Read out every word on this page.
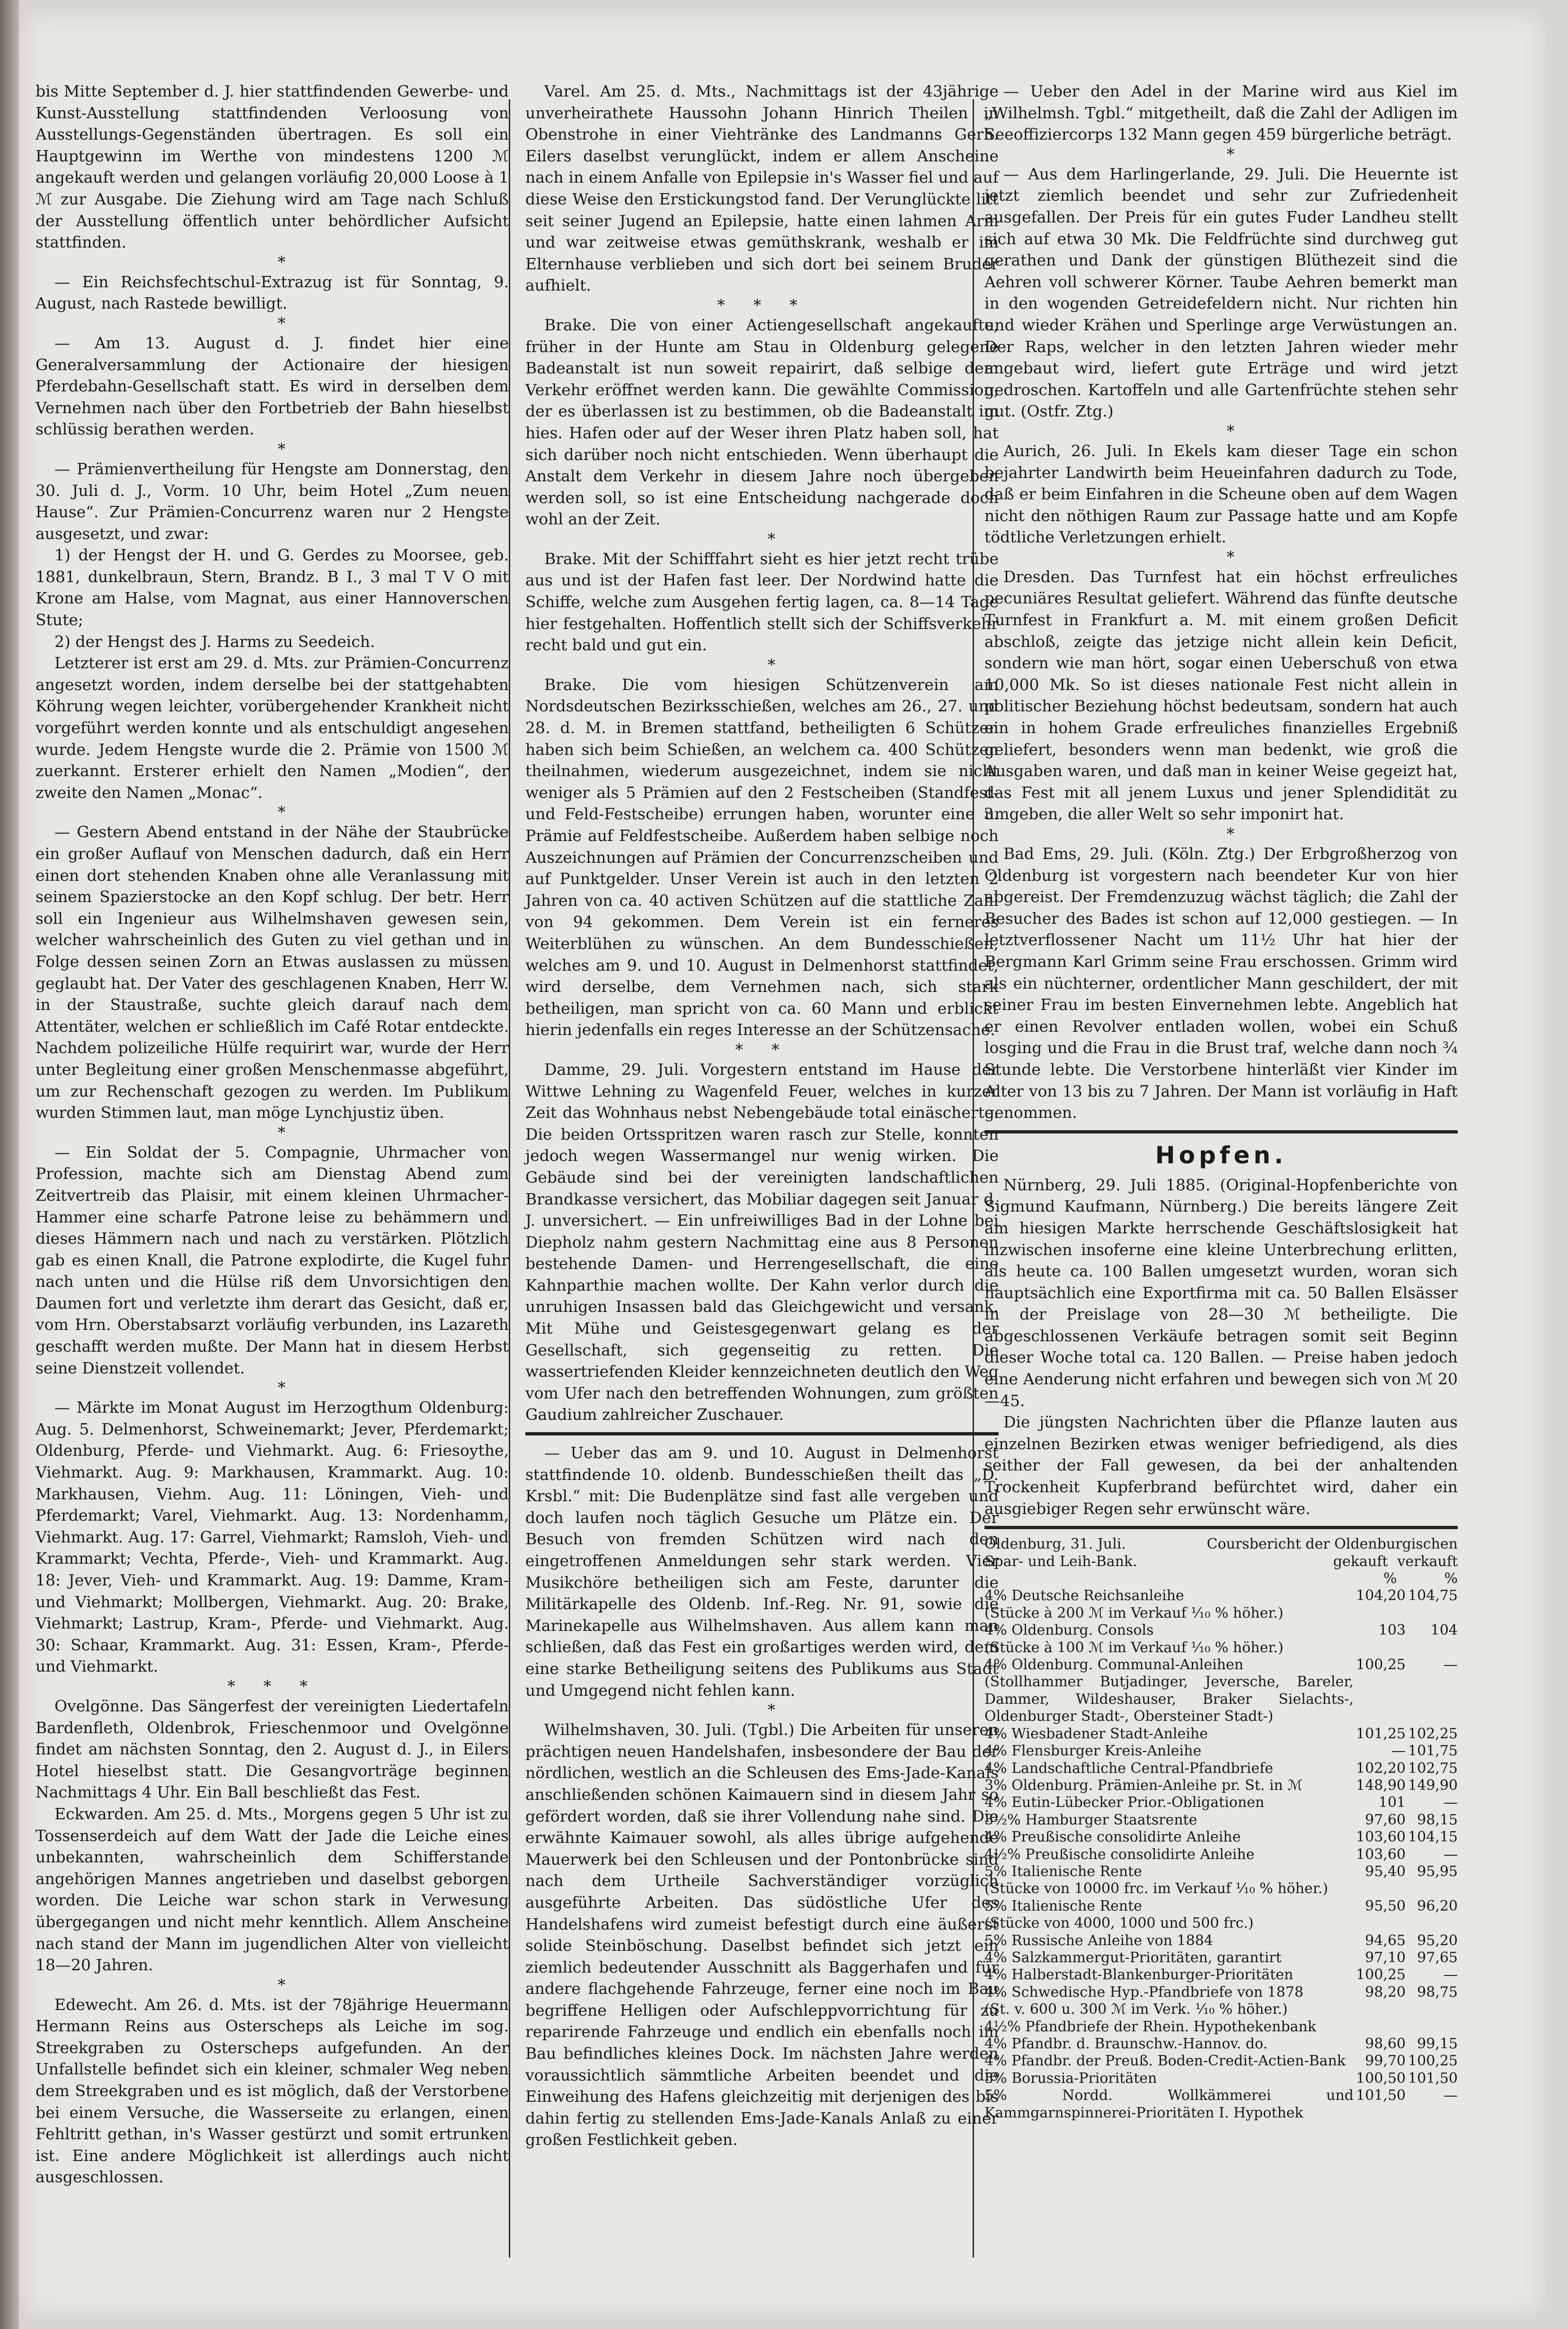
bis Mitte September d. J. hier stattfindenden Gewerbe- und Kunst-Ausstellung stattfindenden Verloosung von Ausstellungs-Gegenständen übertragen. Es soll ein Hauptgewinn im Werthe von mindestens 1200 ℳ angekauft werden und gelangen vorläufig 20,000 Loose à 1 ℳ zur Ausgabe. Die Ziehung wird am Tage nach Schluß der Ausstellung öffentlich unter behördlicher Aufsicht stattfinden.

*

— Ein Reichsfechtschul-Extrazug ist für Sonntag, 9. August, nach Rastede bewilligt.

*

— Am 13. August d. J. findet hier eine Generalversammlung der Actionaire der hiesigen Pferdebahn-Gesellschaft statt. Es wird in derselben dem Vernehmen nach über den Fortbetrieb der Bahn hieselbst schlüssig berathen werden.

*

— Prämienvertheilung für Hengste am Donnerstag, den 30. Juli d. J., Vorm. 10 Uhr, beim Hotel „Zum neuen Hause“. Zur Prämien-Concurrenz waren nur 2 Hengste ausgesetzt, und zwar:

1) der Hengst der H. und G. Gerdes zu Moorsee, geb. 1881, dunkelbraun, Stern, Brandz. B I., 3 mal T V O mit Krone am Halse, vom Magnat, aus einer Hannoverschen Stute;

2) der Hengst des J. Harms zu Seedeich.

Letzterer ist erst am 29. d. Mts. zur Prämien-Concurrenz angesetzt worden, indem derselbe bei der stattgehabten Köhrung wegen leichter, vorübergehender Krankheit nicht vorgeführt werden konnte und als entschuldigt angesehen wurde. Jedem Hengste wurde die 2. Prämie von 1500 ℳ zuerkannt. Ersterer erhielt den Namen „Modien“, der zweite den Namen „Monac“.

*

— Gestern Abend entstand in der Nähe der Staubrücke ein großer Auflauf von Menschen dadurch, daß ein Herr einen dort stehenden Knaben ohne alle Veranlassung mit seinem Spazierstocke an den Kopf schlug. Der betr. Herr soll ein Ingenieur aus Wilhelmshaven gewesen sein, welcher wahrscheinlich des Guten zu viel gethan und in Folge dessen seinen Zorn an Etwas auslassen zu müssen geglaubt hat. Der Vater des geschlagenen Knaben, Herr W. in der Staustraße, suchte gleich darauf nach dem Attentäter, welchen er schließlich im Café Rotar entdeckte. Nachdem polizeiliche Hülfe requirirt war, wurde der Herr unter Begleitung einer großen Menschenmasse abgeführt, um zur Rechenschaft gezogen zu werden. Im Publikum wurden Stimmen laut, man möge Lynchjustiz üben.

*

— Ein Soldat der 5. Compagnie, Uhrmacher von Profession, machte sich am Dienstag Abend zum Zeitvertreib das Plaisir, mit einem kleinen Uhrmacher-Hammer eine scharfe Patrone leise zu behämmern und dieses Hämmern nach und nach zu verstärken. Plötzlich gab es einen Knall, die Patrone explodirte, die Kugel fuhr nach unten und die Hülse riß dem Unvorsichtigen den Daumen fort und verletzte ihm derart das Gesicht, daß er, vom Hrn. Oberstabsarzt vorläufig verbunden, ins Lazareth geschafft werden mußte. Der Mann hat in diesem Herbst seine Dienstzeit vollendet.

*

— Märkte im Monat August im Herzogthum Oldenburg: Aug. 5. Delmenhorst, Schweinemarkt; Jever, Pferdemarkt; Oldenburg, Pferde- und Viehmarkt. Aug. 6: Friesoythe, Viehmarkt. Aug. 9: Markhausen, Krammarkt. Aug. 10: Markhausen, Viehm. Aug. 11: Löningen, Vieh- und Pferdemarkt; Varel, Viehmarkt. Aug. 13: Nordenhamm, Viehmarkt. Aug. 17: Garrel, Viehmarkt; Ramsloh, Vieh- und Krammarkt; Vechta, Pferde-, Vieh- und Krammarkt. Aug. 18: Jever, Vieh- und Krammarkt. Aug. 19: Damme, Kram- und Viehmarkt; Mollbergen, Viehmarkt. Aug. 20: Brake, Viehmarkt; Lastrup, Kram-, Pferde- und Viehmarkt. Aug. 30: Schaar, Krammarkt. Aug. 31: Essen, Kram-, Pferde- und Viehmarkt.

***

Ovelgönne. Das Sängerfest der vereinigten Liedertafeln Bardenfleth, Oldenbrok, Frieschenmoor und Ovelgönne findet am nächsten Sonntag, den 2. August d. J., in Eilers Hotel hieselbst statt. Die Gesangvorträge beginnen Nachmittags 4 Uhr. Ein Ball beschließt das Fest.

Eckwarden. Am 25. d. Mts., Morgens gegen 5 Uhr ist zu Tossenserdeich auf dem Watt der Jade die Leiche eines unbekannten, wahrscheinlich dem Schifferstande angehörigen Mannes angetrieben und daselbst geborgen worden. Die Leiche war schon stark in Verwesung übergegangen und nicht mehr kenntlich. Allem Anscheine nach stand der Mann im jugendlichen Alter von vielleicht 18—20 Jahren.

*

Edewecht. Am 26. d. Mts. ist der 78jährige Heuermann Hermann Reins aus Osterscheps als Leiche im sog. Streekgraben zu Osterscheps aufgefunden. An der Unfallstelle befindet sich ein kleiner, schmaler Weg neben dem Streekgraben und es ist möglich, daß der Verstorbene bei einem Versuche, die Wasserseite zu erlangen, einen Fehltritt gethan, in's Wasser gestürzt und somit ertrunken ist. Eine andere Möglichkeit ist allerdings auch nicht ausgeschlossen.

Varel. Am 25. d. Mts., Nachmittags ist der 43jährige unverheirathete Haussohn Johann Hinrich Theilen in Obenstrohe in einer Viehtränke des Landmanns Gerh. Eilers daselbst verunglückt, indem er allem Anscheine nach in einem Anfalle von Epilepsie in's Wasser fiel und auf diese Weise den Erstickungstod fand. Der Verunglückte litt seit seiner Jugend an Epilepsie, hatte einen lahmen Arm und war zeitweise etwas gemüthskrank, weshalb er im Elternhause verblieben und sich dort bei seinem Bruder aufhielt.

***

Brake. Die von einer Actiengesellschaft angekaufte, früher in der Hunte am Stau in Oldenburg gelegene Badeanstalt ist nun soweit repairirt, daß selbige dem Verkehr eröffnet werden kann. Die gewählte Commission, der es überlassen ist zu bestimmen, ob die Badeanstalt im hies. Hafen oder auf der Weser ihren Platz haben soll, hat sich darüber noch nicht entschieden. Wenn überhaupt die Anstalt dem Verkehr in diesem Jahre noch übergeben werden soll, so ist eine Entscheidung nachgerade doch wohl an der Zeit.

*

Brake. Mit der Schifffahrt sieht es hier jetzt recht trübe aus und ist der Hafen fast leer. Der Nordwind hatte die Schiffe, welche zum Ausgehen fertig lagen, ca. 8—14 Tage hier festgehalten. Hoffentlich stellt sich der Schiffsverkehr recht bald und gut ein.

*

Brake. Die vom hiesigen Schützenverein am Nordsdeutschen Bezirksschießen, welches am 26., 27. und 28. d. M. in Bremen stattfand, betheiligten 6 Schützen haben sich beim Schießen, an welchem ca. 400 Schützen theilnahmen, wiederum ausgezeichnet, indem sie nicht weniger als 5 Prämien auf den 2 Festscheiben (Standfest- und Feld-Festscheibe) errungen haben, worunter eine 3. Prämie auf Feldfestscheibe. Außerdem haben selbige noch Auszeichnungen auf Prämien der Concurrenzscheiben und auf Punktgelder. Unser Verein ist auch in den letzten 2 Jahren von ca. 40 activen Schützen auf die stattliche Zahl von 94 gekommen. Dem Verein ist ein ferneres Weiterblühen zu wünschen. An dem Bundesschießen, welches am 9. und 10. August in Delmenhorst stattfindet, wird derselbe, dem Vernehmen nach, sich stark betheiligen, man spricht von ca. 60 Mann und erblickt hierin jedenfalls ein reges Interesse an der Schützensache.

**

Damme, 29. Juli. Vorgestern entstand im Hause der Wittwe Lehning zu Wagenfeld Feuer, welches in kurzer Zeit das Wohnhaus nebst Nebengebäude total einäscherte. Die beiden Ortsspritzen waren rasch zur Stelle, konnten jedoch wegen Wassermangel nur wenig wirken. Die Gebäude sind bei der vereinigten landschaftlichen Brandkasse versichert, das Mobiliar dagegen seit Januar d. J. unversichert. — Ein unfreiwilliges Bad in der Lohne bei Diepholz nahm gestern Nachmittag eine aus 8 Personen bestehende Damen- und Herrengesellschaft, die eine Kahnparthie machen wollte. Der Kahn verlor durch die unruhigen Insassen bald das Gleichgewicht und versank. Mit Mühe und Geistesgegenwart gelang es der Gesellschaft, sich gegenseitig zu retten. Die wassertriefenden Kleider kennzeichneten deutlich den Weg vom Ufer nach den betreffenden Wohnungen, zum größten Gaudium zahlreicher Zuschauer.

— Ueber das am 9. und 10. August in Delmenhorst stattfindende 10. oldenb. Bundesschießen theilt das „D. Krsbl.“ mit: Die Budenplätze sind fast alle vergeben und doch laufen noch täglich Gesuche um Plätze ein. Der Besuch von fremden Schützen wird nach den eingetroffenen Anmeldungen sehr stark werden. Vier Musikchöre betheiligen sich am Feste, darunter die Militärkapelle des Oldenb. Inf.-Reg. Nr. 91, sowie die Marinekapelle aus Wilhelmshaven. Aus allem kann man schließen, daß das Fest ein großartiges werden wird, dem eine starke Betheiligung seitens des Publikums aus Stadt und Umgegend nicht fehlen kann.

*

Wilhelmshaven, 30. Juli. (Tgbl.) Die Arbeiten für unseren prächtigen neuen Handelshafen, insbesondere der Bau der nördlichen, westlich an die Schleusen des Ems-Jade-Kanals anschließenden schönen Kaimauern sind in diesem Jahr so gefördert worden, daß sie ihrer Vollendung nahe sind. Die erwähnte Kaimauer sowohl, als alles übrige aufgehende Mauerwerk bei den Schleusen und der Pontonbrücke sind nach dem Urtheile Sachverständiger vorzüglich ausgeführte Arbeiten. Das südöstliche Ufer des Handelshafens wird zumeist befestigt durch eine äußerst solide Steinböschung. Daselbst befindet sich jetzt ein ziemlich bedeutender Ausschnitt als Baggerhafen und für andere flachgehende Fahrzeuge, ferner eine noch im Bau begriffene Helligen oder Aufschleppvorrichtung für zu reparirende Fahrzeuge und endlich ein ebenfalls noch im Bau befindliches kleines Dock. Im nächsten Jahre werden voraussichtlich sämmtliche Arbeiten beendet und die Einweihung des Hafens gleichzeitig mit derjenigen des bis dahin fertig zu stellenden Ems-Jade-Kanals Anlaß zu einer großen Festlichkeit geben.

— Ueber den Adel in der Marine wird aus Kiel im „Wilhelmsh. Tgbl.“ mitgetheilt, daß die Zahl der Adligen im Seeoffiziercorps 132 Mann gegen 459 bürgerliche beträgt.

*

— Aus dem Harlingerlande, 29. Juli. Die Heuernte ist jetzt ziemlich beendet und sehr zur Zufriedenheit ausgefallen. Der Preis für ein gutes Fuder Landheu stellt sich auf etwa 30 Mk. Die Feldfrüchte sind durchweg gut gerathen und Dank der günstigen Blüthezeit sind die Aehren voll schwerer Körner. Taube Aehren bemerkt man in den wogenden Getreidefeldern nicht. Nur richten hin und wieder Krähen und Sperlinge arge Verwüstungen an. Der Raps, welcher in den letzten Jahren wieder mehr angebaut wird, liefert gute Erträge und wird jetzt gedroschen. Kartoffeln und alle Gartenfrüchte stehen sehr gut. (Ostfr. Ztg.)

*

Aurich, 26. Juli. In Ekels kam dieser Tage ein schon bejahrter Landwirth beim Heueinfahren dadurch zu Tode, daß er beim Einfahren in die Scheune oben auf dem Wagen nicht den nöthigen Raum zur Passage hatte und am Kopfe tödtliche Verletzungen erhielt.

*

Dresden. Das Turnfest hat ein höchst erfreuliches pecuniäres Resultat geliefert. Während das fünfte deutsche Turnfest in Frankfurt a. M. mit einem großen Deficit abschloß, zeigte das jetzige nicht allein kein Deficit, sondern wie man hört, sogar einen Ueberschuß von etwa 10,000 Mk. So ist dieses nationale Fest nicht allein in politischer Beziehung höchst bedeutsam, sondern hat auch ein in hohem Grade erfreuliches finanzielles Ergebniß geliefert, besonders wenn man bedenkt, wie groß die Ausgaben waren, und daß man in keiner Weise gegeizt hat, das Fest mit all jenem Luxus und jener Splendidität zu umgeben, die aller Welt so sehr imponirt hat.

*

Bad Ems, 29. Juli. (Köln. Ztg.) Der Erbgroßherzog von Oldenburg ist vorgestern nach beendeter Kur von hier abgereist. Der Fremdenzuzug wächst täglich; die Zahl der Besucher des Bades ist schon auf 12,000 gestiegen. — In letztverflossener Nacht um 11½ Uhr hat hier der Bergmann Karl Grimm seine Frau erschossen. Grimm wird als ein nüchterner, ordentlicher Mann geschildert, der mit seiner Frau im besten Einvernehmen lebte. Angeblich hat er einen Revolver entladen wollen, wobei ein Schuß losging und die Frau in die Brust traf, welche dann noch ¾ Stunde lebte. Die Verstorbene hinterläßt vier Kinder im Alter von 13 bis zu 7 Jahren. Der Mann ist vorläufig in Haft genommen.

Hopfen.

Nürnberg, 29. Juli 1885. (Original-Hopfenberichte von Sigmund Kaufmann, Nürnberg.) Die bereits längere Zeit am hiesigen Markte herrschende Geschäftslosigkeit hat inzwischen insoferne eine kleine Unterbrechung erlitten, als heute ca. 100 Ballen umgesetzt wurden, woran sich hauptsächlich eine Exportfirma mit ca. 50 Ballen Elsässer in der Preislage von 28—30 ℳ betheiligte. Die abgeschlossenen Verkäufe betragen somit seit Beginn dieser Woche total ca. 120 Ballen. — Preise haben jedoch eine Aenderung nicht erfahren und bewegen sich von ℳ 20—45.

Die jüngsten Nachrichten über die Pflanze lauten aus einzelnen Bezirken etwas weniger befriedigend, als dies seither der Fall gewesen, da bei der anhaltenden Trockenheit Kupferbrand befürchtet wird, daher ein ausgiebiger Regen sehr erwünscht wäre.

Oldenburg, 31. Juli.	Coursbericht der Oldenburgischen
Spar- und Leih-Bank.	gekauft verkauft
%	%
4% Deutsche Reichsanleihe	104,20	104,75
(Stücke à 200 ℳ im Verkauf ¹⁄₁₀ % höher.)		
4% Oldenburg. Consols	103	104
(Stücke à 100 ℳ im Verkauf ¹⁄₁₀ % höher.)		
4% Oldenburg. Communal-Anleihen	100,25	—
(Stollhammer Butjadinger, Jeversche, Bareler, Dammer, Wildeshauser, Braker Sielachts-, Oldenburger Stadt-, Obersteiner Stadt-)		
4% Wiesbadener Stadt-Anleihe	101,25	102,25
4% Flensburger Kreis-Anleihe	—	101,75
4% Landschaftliche Central-Pfandbriefe	102,20	102,75
3% Oldenburg. Prämien-Anleihe pr. St. in ℳ	148,90	149,90
4% Eutin-Lübecker Prior.-Obligationen	101	—
3½% Hamburger Staatsrente	97,60	98,15
4% Preußische consolidirte Anleihe	103,60	104,15
4½% Preußische consolidirte Anleihe	103,60	—
5% Italienische Rente	95,40	95,95
(Stücke von 10000 frc. im Verkauf ¹⁄₁₀ % höher.)		
5% Italienische Rente	95,50	96,20
(Stücke von 4000, 1000 und 500 frc.)		
5% Russische Anleihe von 1884	94,65	95,20
4% Salzkammergut-Prioritäten, garantirt	97,10	97,65
4% Halberstadt-Blankenburger-Prioritäten	100,25	—
4% Schwedische Hyp.-Pfandbriefe von 1878	98,20	98,75
(St. v. 600 u. 300 ℳ im Verk. ¹⁄₁₀ % höher.)		
4½% Pfandbriefe der Rhein. Hypothekenbank		
4% Pfandbr. d. Braunschw.-Hannov. do.	98,60	99,15
4% Pfandbr. der Preuß. Boden-Credit-Actien-Bank	99,70	100,25
5% Borussia-Prioritäten	100,50	101,50
5% Nordd. Wollkämmerei und Kammgarnspinnerei-Prioritäten I. Hypothek	101,50	—
